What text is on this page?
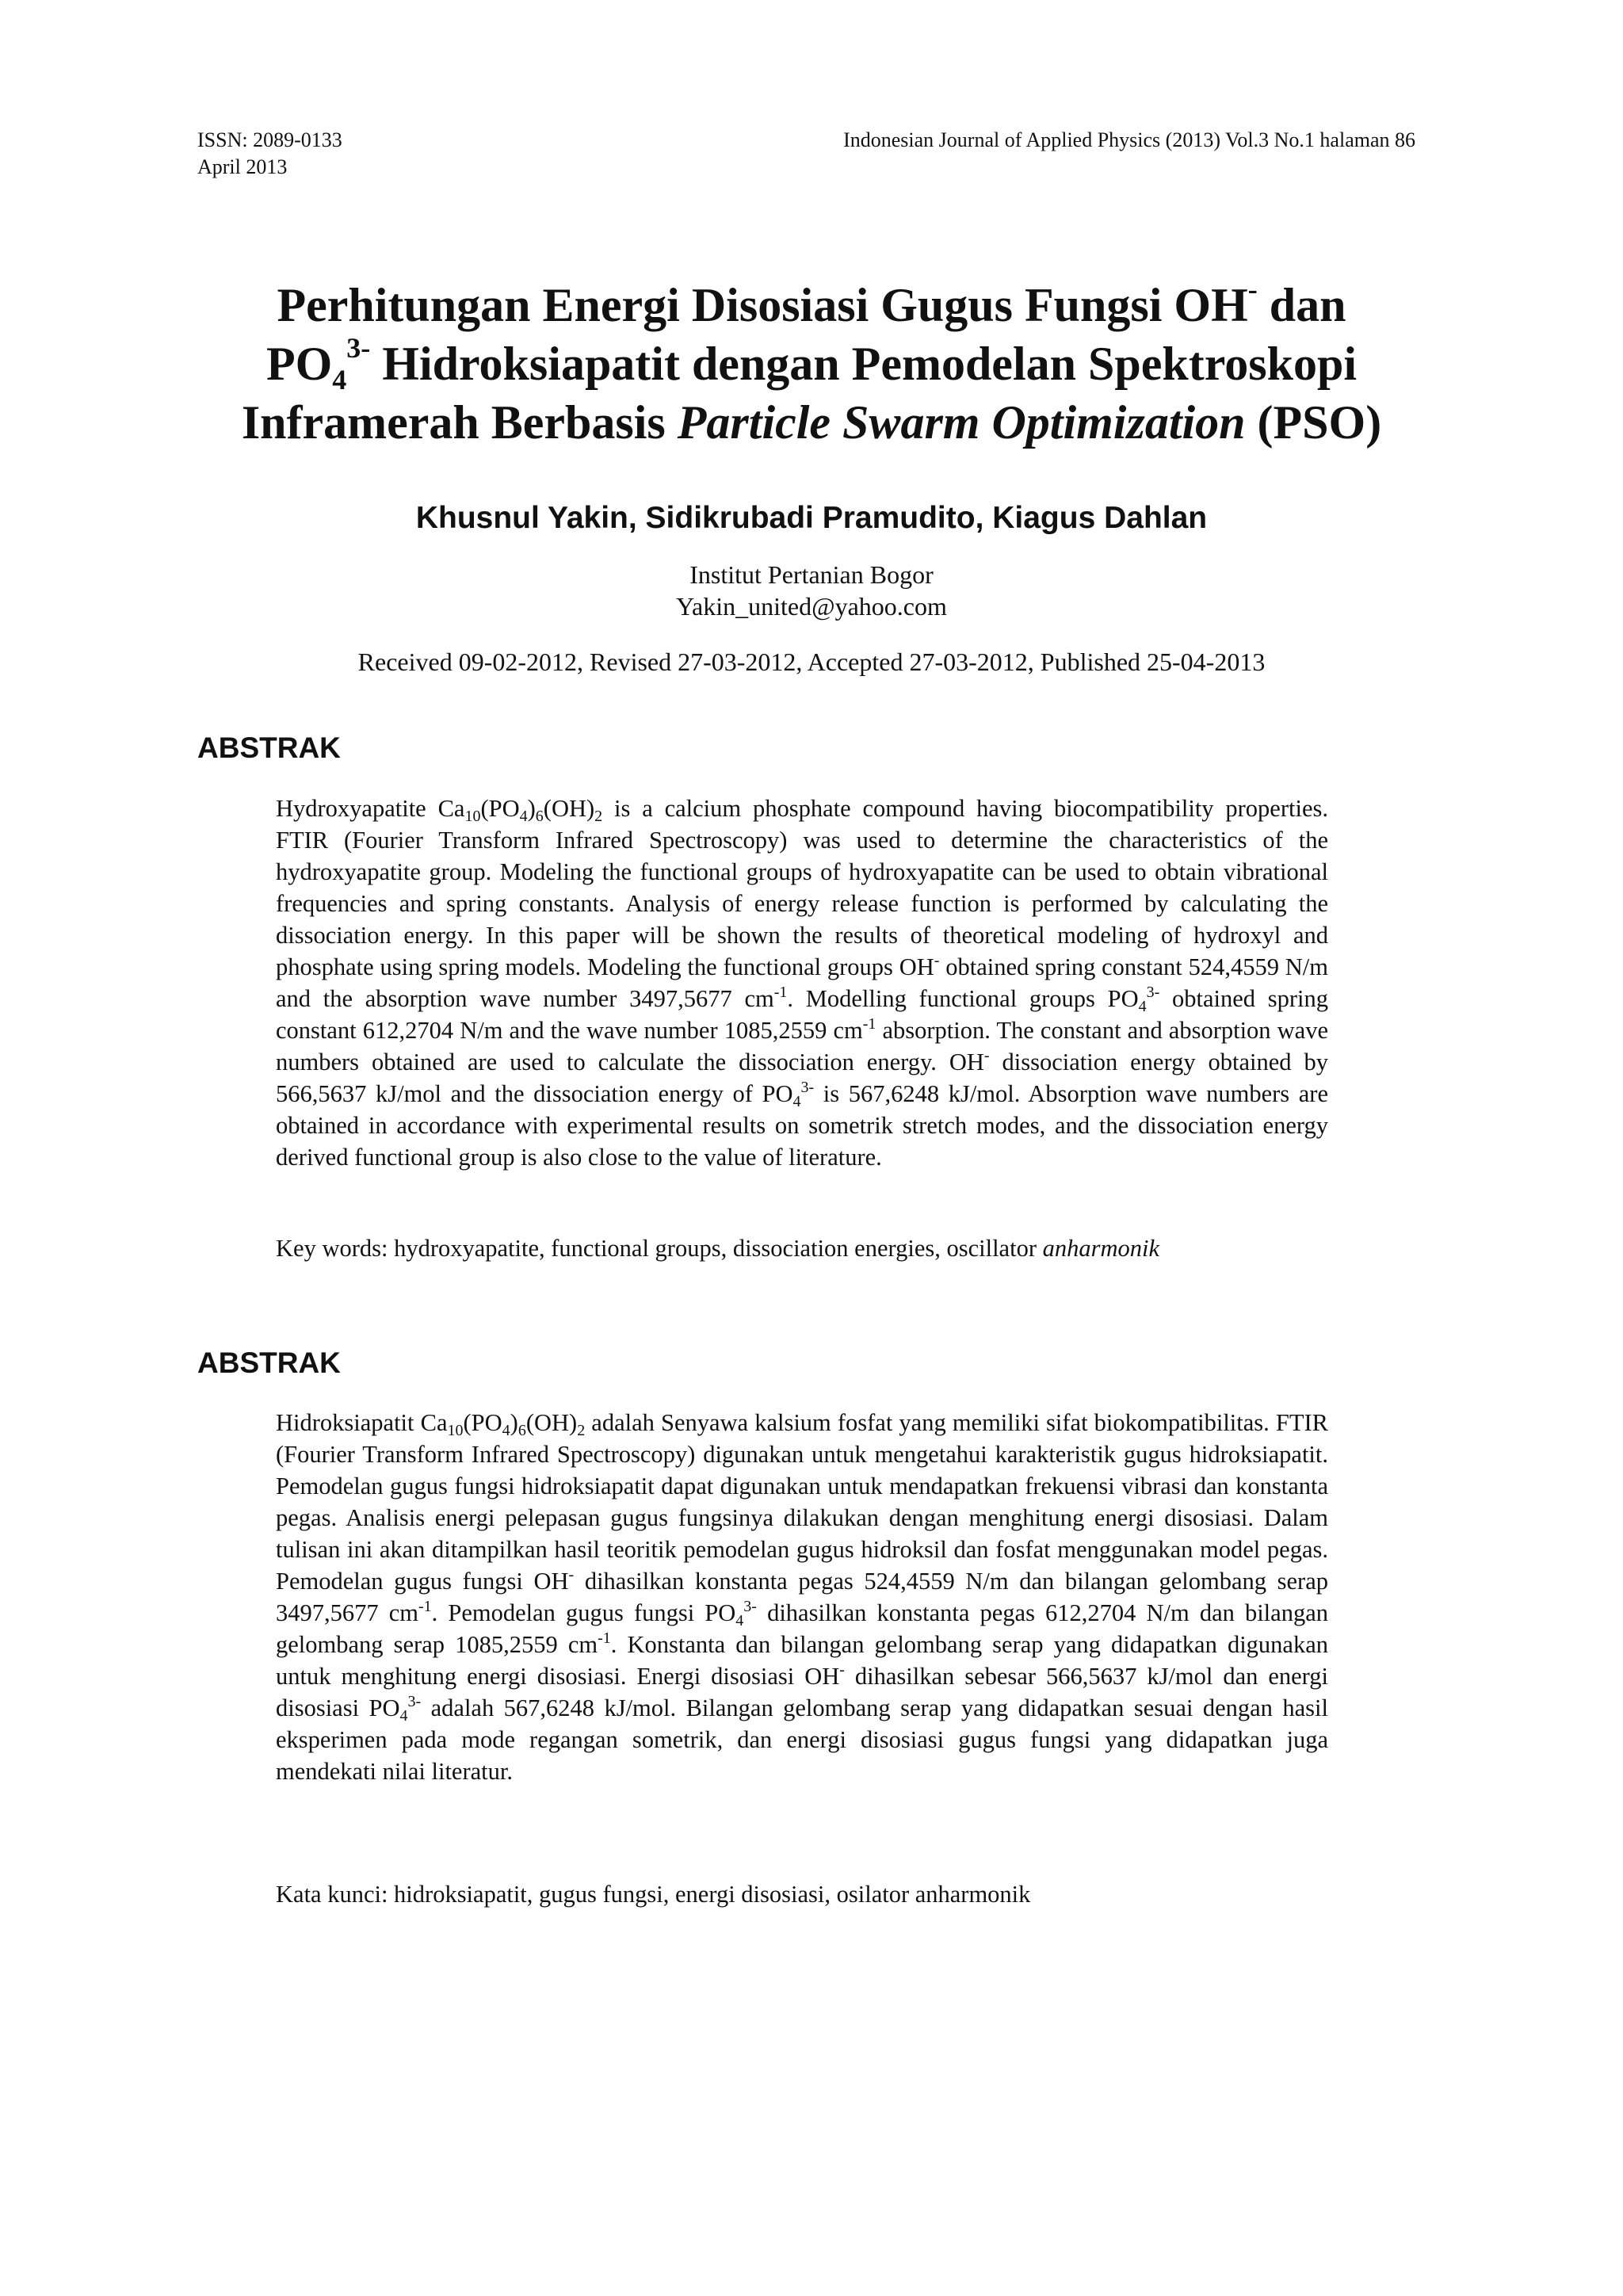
ISSN: 2089-0133
April 2013
Indonesian Journal of Applied Physics (2013) Vol.3 No.1 halaman 86
Perhitungan Energi Disosiasi Gugus Fungsi OH- dan
$PO_4^{3-}$ Hidroksiapatit dengan Pemodelan Spektroskopi
Inframerah Berbasis Particle Swarm Optimization (PSO)
Khusnul Yakin, Sidikrubadi Pramudito, Kiagus Dahlan
Institut Pertanian Bogor
Yakin_united@yahoo.com
Received 09-02-2012, Revised 27-03-2012, Accepted 27-03-2012, Published 25-04-2013
ABSTRAK

Hydroxyapatite $Ca_{10}(PO_4)_6(OH)_2$ is a calcium phosphate compound having biocompatibility properties. FTIR (Fourier Transform Infrared Spectroscopy) was used to determine the characteristics of the hydroxyapatite group. Modeling the functional groups of hydroxyapatite can be used to obtain vibrational frequencies and spring constants. Analysis of energy release function is performed by calculating the dissociation energy. In this paper will be shown the results of theoretical modeling of hydroxyl and phosphate using spring models. Modeling the functional groups OH- obtained spring constant 524,4559 N/m and the absorption wave number 3497,5677 $cm^{-1}$. Modelling functional groups $PO_4^{3-}$ obtained spring constant 612,2704 N/m and the wave number 1085,2559 $cm^{-1}$ absorption. The constant and absorption wave numbers obtained are used to calculate the dissociation energy. OH- dissociation energy obtained by 566,5637 kJ/mol and the dissociation energy of $PO_4^{3-}$ is 567,6248 kJ/mol. Absorption wave numbers are obtained in accordance with experimental results on sometrik stretch modes, and the dissociation energy derived functional group is also close to the value of literature.

Key words: hydroxyapatite, functional groups, dissociation energies, oscillator anharmonik

ABSTRAK

Hidroksiapatit $Ca_{10}(PO_4)_6(OH)_2$ adalah Senyawa kalsium fosfat yang memiliki sifat biokompatibilitas. FTIR (Fourier Transform Infrared Spectroscopy) digunakan untuk mengetahui karakteristik gugus hidroksiapatit. Pemodelan gugus fungsi hidroksiapatit dapat digunakan untuk mendapatkan frekuensi vibrasi dan konstanta pegas. Analisis energi pelepasan gugus fungsinya dilakukan dengan menghitung energi disosiasi. Dalam tulisan ini akan ditampilkan hasil teoritik pemodelan gugus hidroksil dan fosfat menggunakan model pegas. Pemodelan gugus fungsi OH- dihasilkan konstanta pegas 524,4559 N/m dan bilangan gelombang serap 3497,5677 $cm^{-1}$. Pemodelan gugus fungsi $PO_4^{3-}$ dihasilkan konstanta pegas 612,2704 N/m dan bilangan gelombang serap 1085,2559 $cm^{-1}$. Konstanta dan bilangan gelombang serap yang didapatkan digunakan untuk menghitung energi disosiasi. Energi disosiasi OH- dihasilkan sebesar 566,5637 kJ/mol dan energi disosiasi $PO_4^{3-}$ adalah 567,6248 kJ/mol. Bilangan gelombang serap yang didapatkan sesuai dengan hasil eksperimen pada mode regangan sometrik, dan energi disosiasi gugus fungsi yang didapatkan juga mendekati nilai literatur.

Kata kunci: hidroksiapatit, gugus fungsi, energi disosiasi, osilator anharmonik
